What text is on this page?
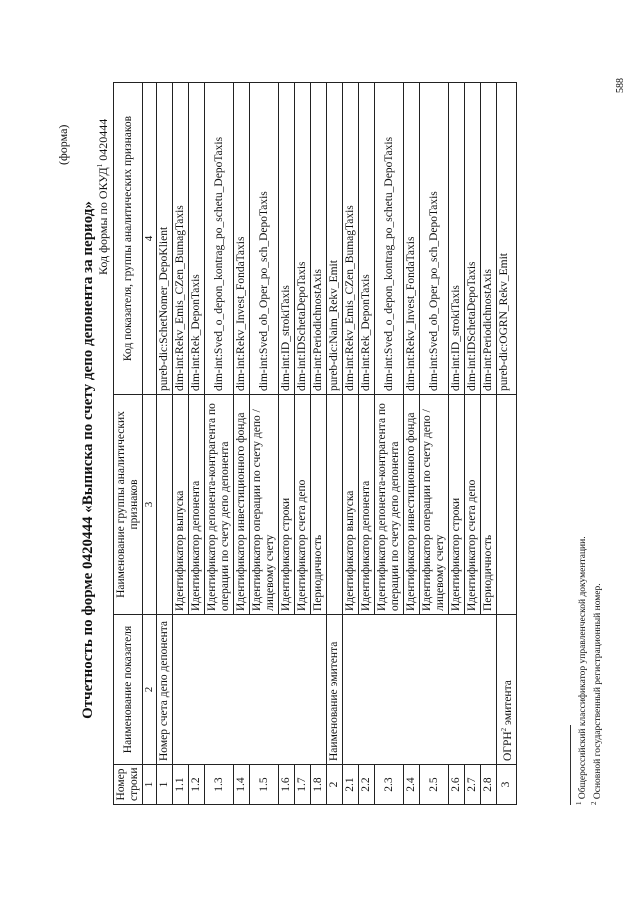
(форма)
Отчетность по форме 0420444 «Выписка по счету депо депонента за период» Код формы по ОКУД$^1$ 0420444
Номер строки	Наименование показателя	Наименование группы аналитических признаков	Код показателя, группы аналитических признаков
1	2	3	4
1	Номер счета депо депонента		pureb-dic:SchetNomer_DepoKlient
1.1		Идентификатор выпуска	dim-int:Rekv_Emis_CZen_BumagTaxis
1.2		Идентификатор депонента	dim-int:Rek_DeponTaxis
1.3		Идентификатор депонента-контрагента по операции по счету депо депонента	dim-int:Sved_o_depon_kontrag_po_schetu_DepoTaxis
1.4		Идентификатор инвестиционного фонда	dim-int:Rekv_Invest_FondaTaxis
1.5		Идентификатор операции по счету депо / лицевому счету	dim-int:Sved_ob_Oper_po_sch_DepoTaxis
1.6		Идентификатор строки	dim-int:ID_strokiTaxis
1.7		Идентификатор счета депо	dim-int:IDSchetaDepoTaxis
1.8		Периодичность	dim-int:PeriodichnostAxis
2	Наименование эмитента		pureb-dic:Naim_Rekv_Emit
2.1		Идентификатор выпуска	dim-int:Rekv_Emis_CZen_BumagTaxis
2.2		Идентификатор депонента	dim-int:Rek_DeponTaxis
2.3		Идентификатор депонента-контрагента по операции по счету депо депонента	dim-int:Sved_o_depon_kontrag_po_schetu_DepoTaxis
2.4		Идентификатор инвестиционного фонда	dim-int:Rekv_Invest_FondaTaxis
2.5		Идентификатор операции по счету депо / лицевому счету	dim-int:Sved_ob_Oper_po_sch_DepoTaxis
2.6		Идентификатор строки	dim-int:ID_strokiTaxis
2.7		Идентификатор счета депо	dim-int:IDSchetaDepoTaxis
2.8		Периодичность	dim-int:PeriodichnostAxis
3	ОГРН$^2$ эмитента		pureb-dic:OGRN_Rekv_Emit
$^1$ Общероссийский классификатор управленческой документации.
$^2$ Основной государственный регистрационный номер.
588
